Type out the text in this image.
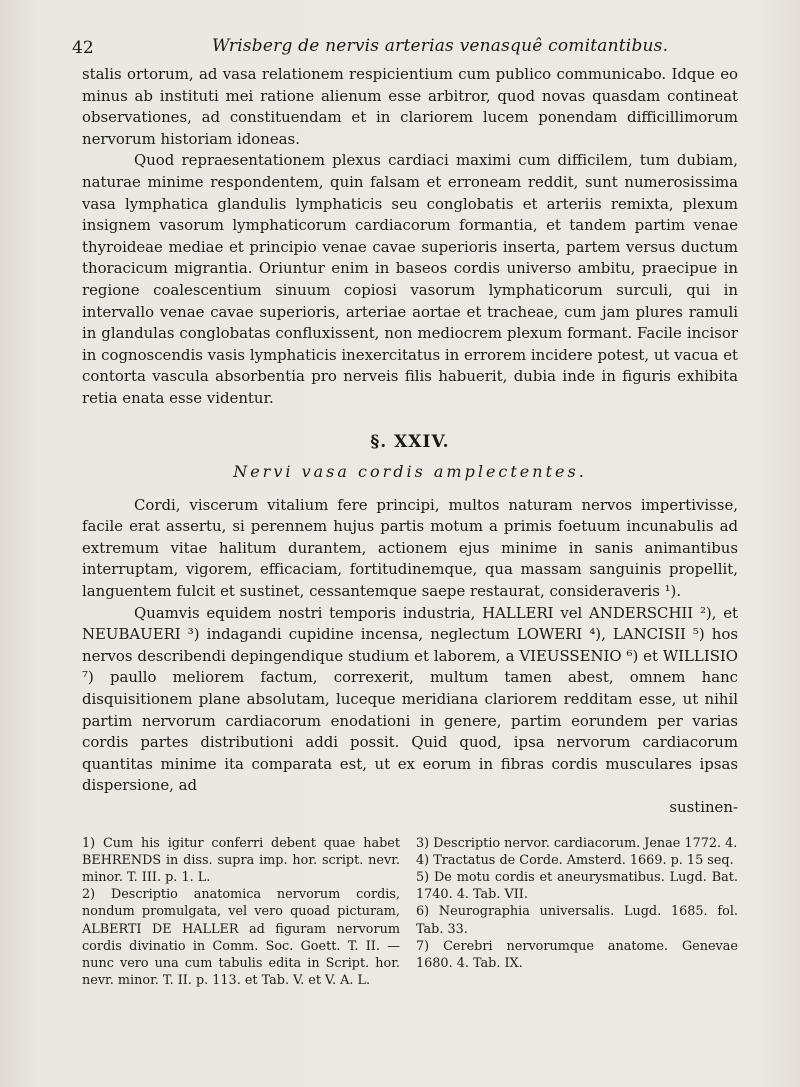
42	Wrisberg de nervis arterias venasquê comitantibus.

stalis ortorum, ad vasa relationem respicientium cum publico communicabo. Idque eo minus ab instituti mei ratione alienum esse arbitror, quod novas quasdam contineat observationes, ad constituendam et in clariorem lucem ponendam difficillimorum nervorum historiam idoneas.

Quod repraesentationem plexus cardiaci maximi cum difficilem, tum dubiam, naturae minime respondentem, quin falsam et erroneam reddit, sunt numerosissima vasa lymphatica glandulis lymphaticis seu conglobatis et arteriis remixta, plexum insignem vasorum lymphaticorum cardiacorum formantia, et tandem partim venae thyroideae mediae et principio venae cavae superioris inserta, partem versus ductum thoracicum migrantia. Oriuntur enim in baseos cordis universo ambitu, praecipue in regione coalescentium sinuum copiosi vasorum lymphaticorum surculi, qui in intervallo venae cavae superioris, arteriae aortae et tracheae, cum jam plures ramuli in glandulas conglobatas confluxissent, non mediocrem plexum formant. Facile incisor in cognoscendis vasis lymphaticis inexercitatus in errorem incidere potest, ut vacua et contorta vascula absorbentia pro nerveis filis habuerit, dubia inde in figuris exhibita retia enata esse videntur.

§. XXIV.
Nervi vasa cordis amplectentes.

Cordi, viscerum vitalium fere principi, multos naturam nervos impertivisse, facile erat assertu, si perennem hujus partis motum a primis foetuum incunabulis ad extremum vitae halitum durantem, actionem ejus minime in sanis animantibus interruptam, vigorem, efficaciam, fortitudinemque, qua massam sanguinis propellit, languentem fulcit et sustinet, cessantemque saepe restaurat, consideraveris ¹).

Quamvis equidem nostri temporis industria, HALLERI vel ANDERSCHII ²), et NEUBAUERI ³) indagandi cupidine incensa, neglectum LOWERI ⁴), LANCISII ⁵) hos nervos describendi depingendique studium et laborem, a VIEUSSENIO ⁶) et WILLISIO ⁷) paullo meliorem factum, correxerit, multum tamen abest, omnem hanc disquisitionem plane absolutam, luceque meridiana clariorem redditam esse, ut nihil partim nervorum cardiacorum enodationi in genere, partim eorundem per varias cordis partes distributioni addi possit. Quid quod, ipsa nervorum cardiacorum quantitas minime ita comparata est, ut ex eorum in fibras cordis musculares ipsas dispersione, ad

sustinen-

1) Cum his igitur conferri debent quae habet BEHRENDS in diss. supra imp. hor. script. nevr. minor. T. III. p. 1. L.

2) Descriptio anatomica nervorum cordis, nondum promulgata, vel vero quoad picturam, ALBERTI DE HALLER ad figuram nervorum cordis divinatio in Comm. Soc. Goett. T. II. — nunc vero una cum tabulis edita in Script. hor. nevr. minor. T. II. p. 113. et Tab. V. et V. A. L.

3) Descriptio nervor. cardiacorum. Jenae 1772. 4.

4) Tractatus de Corde. Amsterd. 1669. p. 15 seq.

5) De motu cordis et aneurysmatibus. Lugd. Bat. 1740. 4. Tab. VII.

6) Neurographia universalis. Lugd. 1685. fol. Tab. 33.

7) Cerebri nervorumque anatome. Genevae 1680. 4. Tab. IX.
